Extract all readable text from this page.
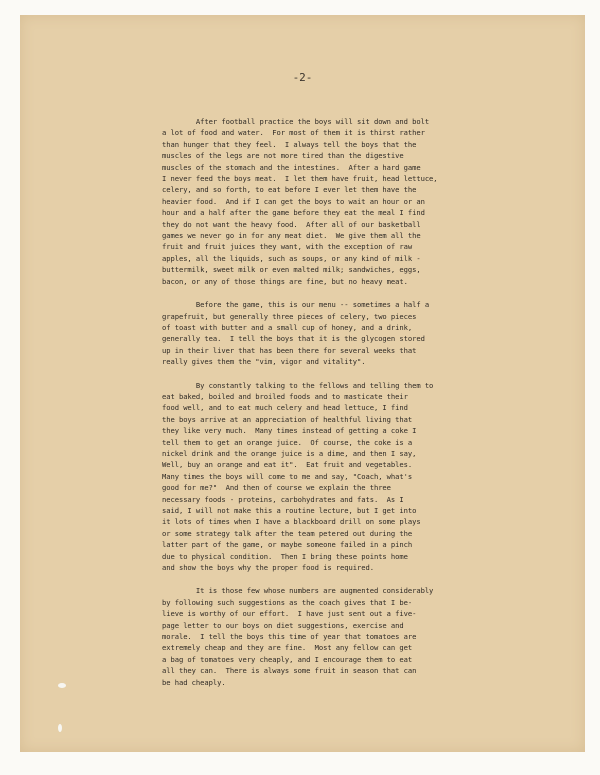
-2-

After football practice the boys will sit down and bolt
a lot of food and water.  For most of them it is thirst rather
than hunger that they feel.  I always tell the boys that the
muscles of the legs are not more tired than the digestive
muscles of the stomach and the intestines.  After a hard game
I never feed the boys meat.  I let them have fruit, head lettuce,
celery, and so forth, to eat before I ever let them have the
heavier food.  And if I can get the boys to wait an hour or an
hour and a half after the game before they eat the meal I find
they do not want the heavy food.  After all of our basketball
games we never go in for any meat diet.  We give them all the
fruit and fruit juices they want, with the exception of raw
apples, all the liquids, such as soups, or any kind of milk -
buttermilk, sweet milk or even malted milk; sandwiches, eggs,
bacon, or any of those things are fine, but no heavy meat.

Before the game, this is our menu -- sometimes a half a
grapefruit, but generally three pieces of celery, two pieces
of toast with butter and a small cup of honey, and a drink,
generally tea.  I tell the boys that it is the glycogen stored
up in their liver that has been there for several weeks that
really gives them the "vim, vigor and vitality".

By constantly talking to the fellows and telling them to
eat baked, boiled and broiled foods and to masticate their
food well, and to eat much celery and head lettuce, I find
the boys arrive at an appreciation of healthful living that
they like very much.  Many times instead of getting a coke I
tell them to get an orange juice.  Of course, the coke is a
nickel drink and the orange juice is a dime, and then I say,
Well, buy an orange and eat it".  Eat fruit and vegetables.
Many times the boys will come to me and say, "Coach, what's
good for me?"  And then of course we explain the three
necessary foods - proteins, carbohydrates and fats.  As I
said, I will not make this a routine lecture, but I get into
it lots of times when I have a blackboard drill on some plays
or some strategy talk after the team petered out during the
latter part of the game, or maybe someone failed in a pinch
due to physical condition.  Then I bring these points home
and show the boys why the proper food is required.

It is those few whose numbers are augmented considerably
by following such suggestions as the coach gives that I be-
lieve is worthy of our effort.  I have just sent out a five-
page letter to our boys on diet suggestions, exercise and
morale.  I tell the boys this time of year that tomatoes are
extremely cheap and they are fine.  Most any fellow can get
a bag of tomatoes very cheaply, and I encourage them to eat
all they can.  There is always some fruit in season that can
be had cheaply.
